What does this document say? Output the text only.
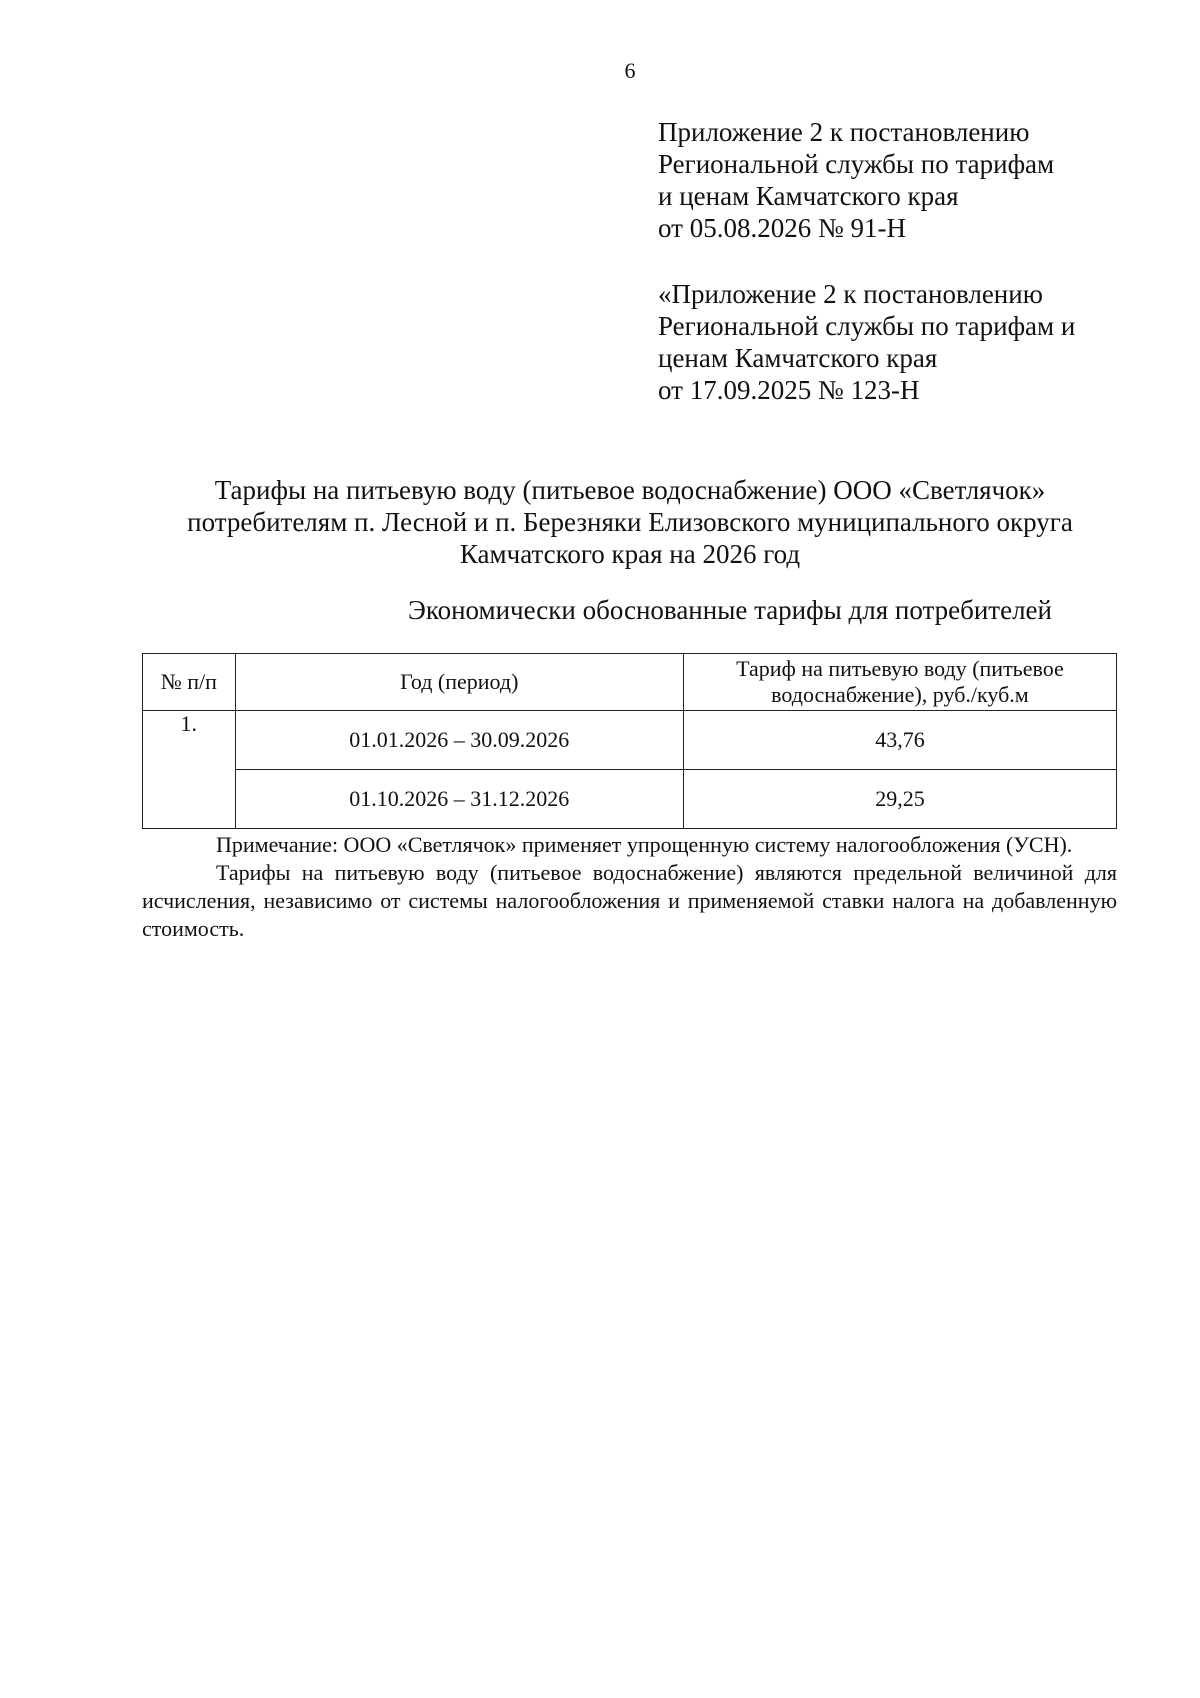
6
Приложение 2 к постановлению
Региональной службы по тарифам
и ценам Камчатского края
от 05.08.2026 № 91-Н
«Приложение 2 к постановлению
Региональной службы по тарифам и
ценам Камчатского края
от 17.09.2025 № 123-Н
Тарифы на питьевую воду (питьевое водоснабжение) ООО «Светлячок»
потребителям п. Лесной и п. Березняки Елизовского муниципального округа
Камчатского края на 2026 год
Экономически обоснованные тарифы для потребителей
№ п/п	Год (период)	Тариф на питьевую воду (питьевое водоснабжение), руб./куб.м
1.	01.01.2026 – 30.09.2026	43,76
	01.10.2026 – 31.12.2026	29,25

Примечание: ООО «Светлячок» применяет упрощенную систему налогообложения (УСН).

Тарифы на питьевую воду (питьевое водоснабжение) являются предельной величиной для исчисления, независимо от системы налогообложения и применяемой ставки налога на добавленную стоимость.
